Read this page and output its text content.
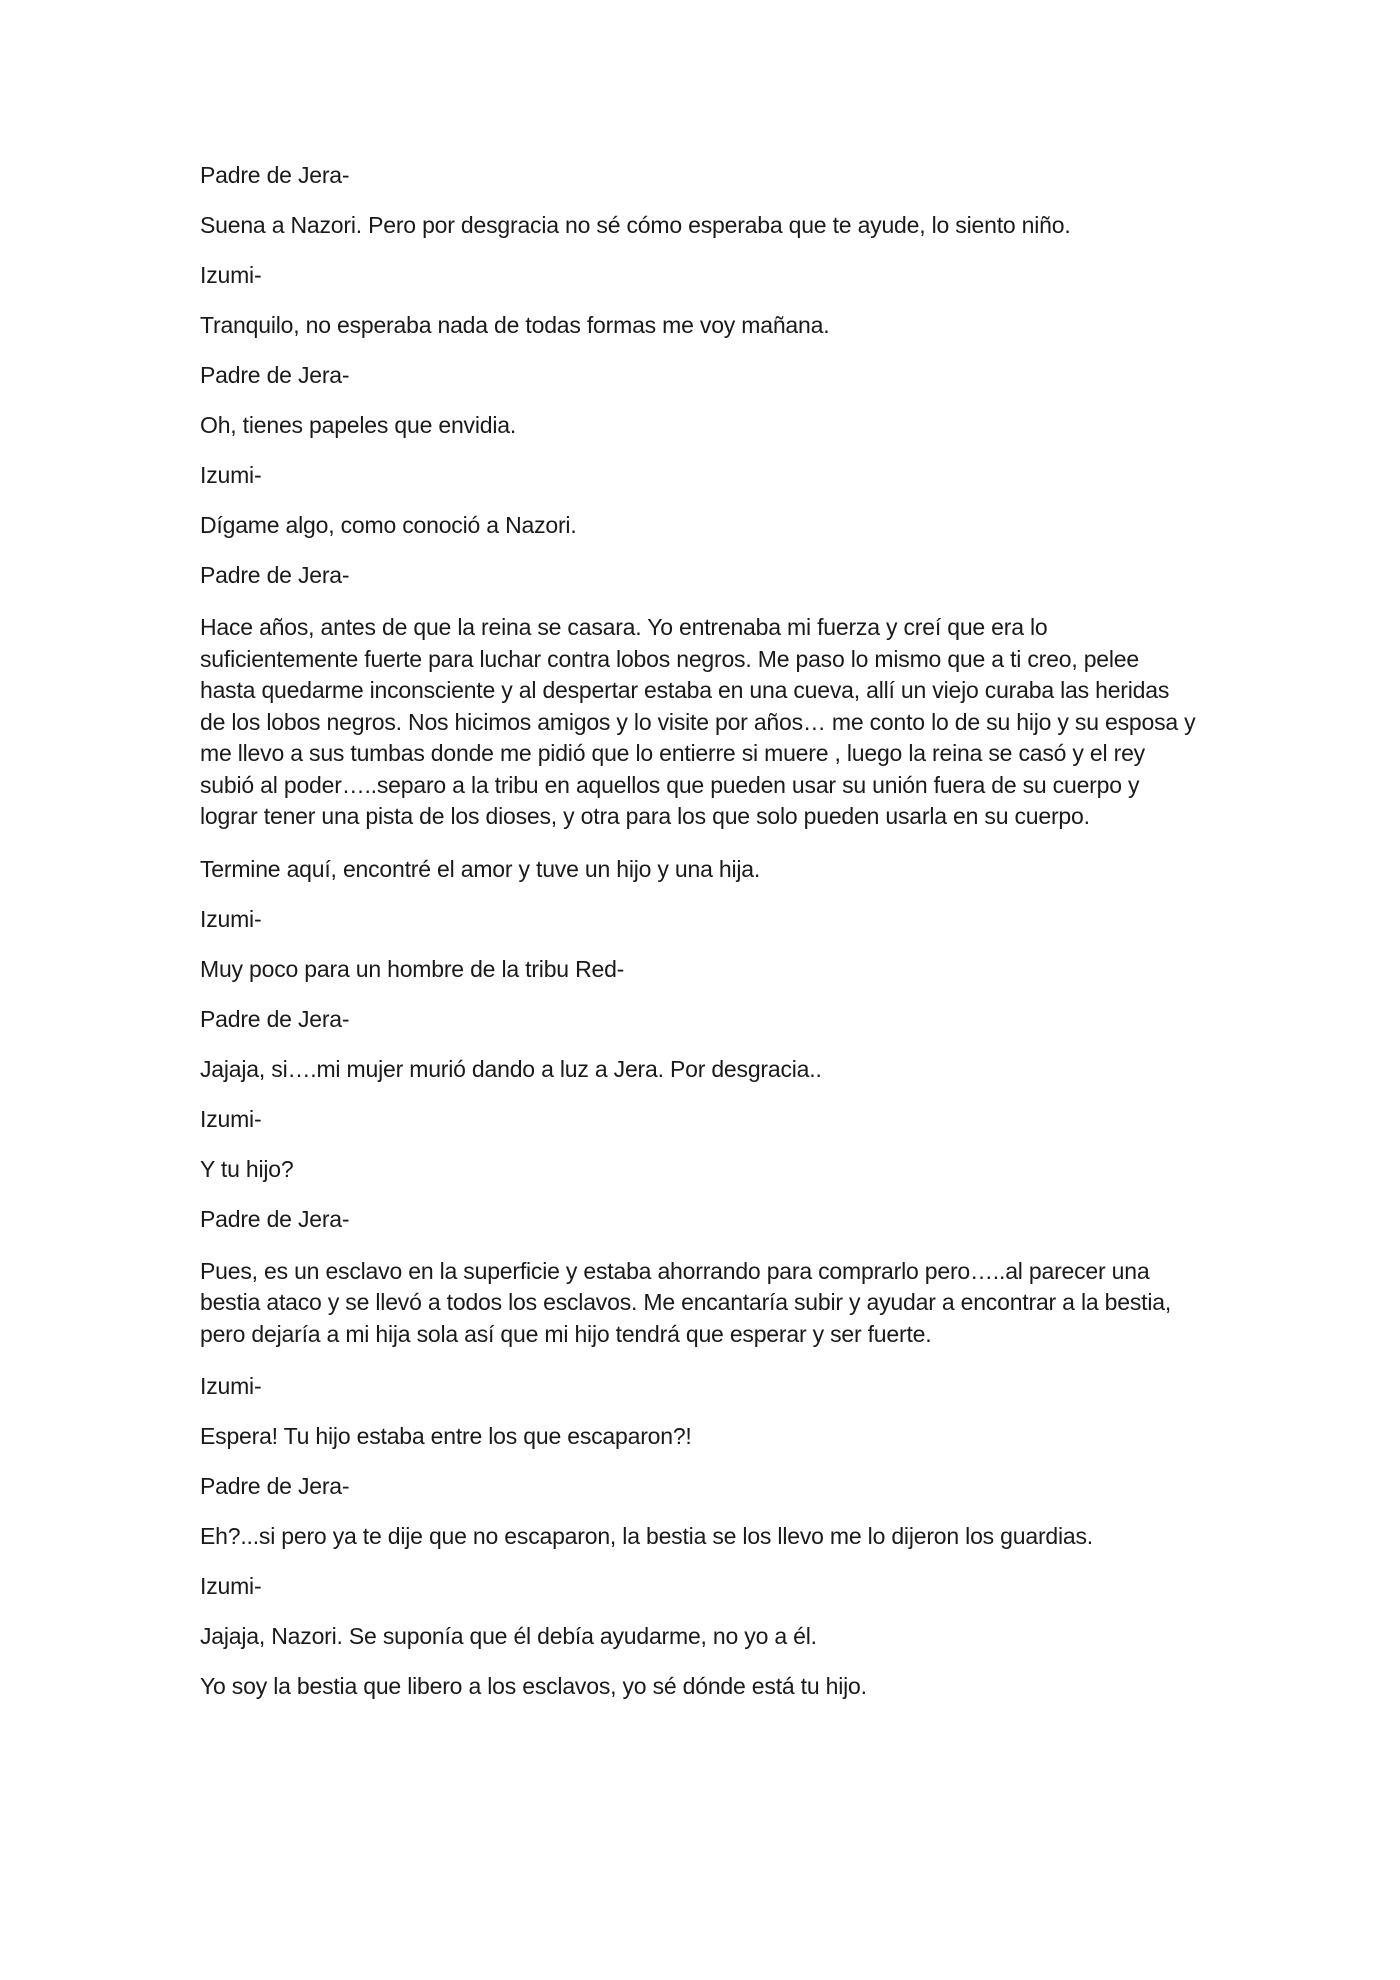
Padre de Jera-
Suena a Nazori. Pero por desgracia no sé cómo esperaba que te ayude, lo siento niño.
Izumi-
Tranquilo, no esperaba nada de todas formas me voy mañana.
Padre de Jera-
Oh, tienes papeles que envidia.
Izumi-
Dígame algo, como conoció a Nazori.
Padre de Jera-
Hace años, antes de que la reina se casara. Yo entrenaba mi fuerza y creí que era lo suficientemente fuerte para luchar contra lobos negros. Me paso lo mismo que a ti creo, pelee hasta quedarme inconsciente y al despertar estaba en una cueva, allí un viejo curaba las heridas de los lobos negros. Nos hicimos amigos y lo visite por años… me conto lo de su hijo y su esposa y me llevo a sus tumbas donde me pidió que lo entierre si muere , luego la reina se casó y el rey subió al poder…..separo a la tribu en aquellos que pueden usar su unión fuera de su cuerpo y lograr tener una pista de los dioses, y otra para los que solo pueden usarla en su cuerpo.
Termine aquí, encontré el amor y tuve un hijo y una hija.
Izumi-
Muy poco para un hombre de la tribu Red-
Padre de Jera-
Jajaja, si….mi mujer murió dando a luz a Jera. Por desgracia..
Izumi-
Y tu hijo?
Padre de Jera-
Pues, es un esclavo en la superficie y estaba ahorrando para comprarlo pero…..al parecer una bestia ataco y se llevó a todos los esclavos. Me encantaría subir y ayudar a encontrar a la bestia, pero dejaría a mi hija sola así que mi hijo tendrá que esperar y ser fuerte.
Izumi-
Espera! Tu hijo estaba entre los que escaparon?!
Padre de Jera-
Eh?...si pero ya te dije que no escaparon, la bestia se los llevo me lo dijeron los guardias.
Izumi-
Jajaja, Nazori. Se suponía que él debía ayudarme, no yo a él.
Yo soy la bestia que libero a los esclavos, yo sé dónde está tu hijo.
